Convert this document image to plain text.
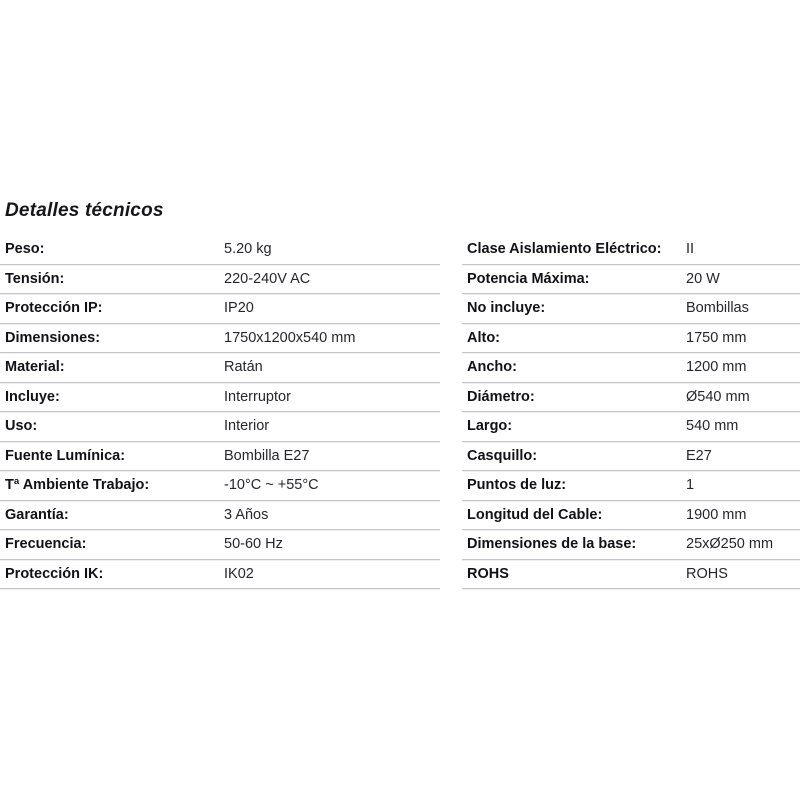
Detalles técnicos
Peso:	5.20 kg
Tensión:	220-240V AC
Protección IP:	IP20
Dimensiones:	1750x1200x540 mm
Material:	Ratán
Incluye:	Interruptor
Uso:	Interior
Fuente Lumínica:	Bombilla E27
Tª Ambiente Trabajo:	-10°C ~ +55°C
Garantía:	3 Años
Frecuencia:	50-60 Hz
Protección IK:	IK02
Clase Aislamiento Eléctrico:	II
Potencia Máxima:	20 W
No incluye:	Bombillas
Alto:	1750 mm
Ancho:	1200 mm
Diámetro:	Ø540 mm
Largo:	540 mm
Casquillo:	E27
Puntos de luz:	1
Longitud del Cable:	1900 mm
Dimensiones de la base:	25xØ250 mm
ROHS	ROHS
